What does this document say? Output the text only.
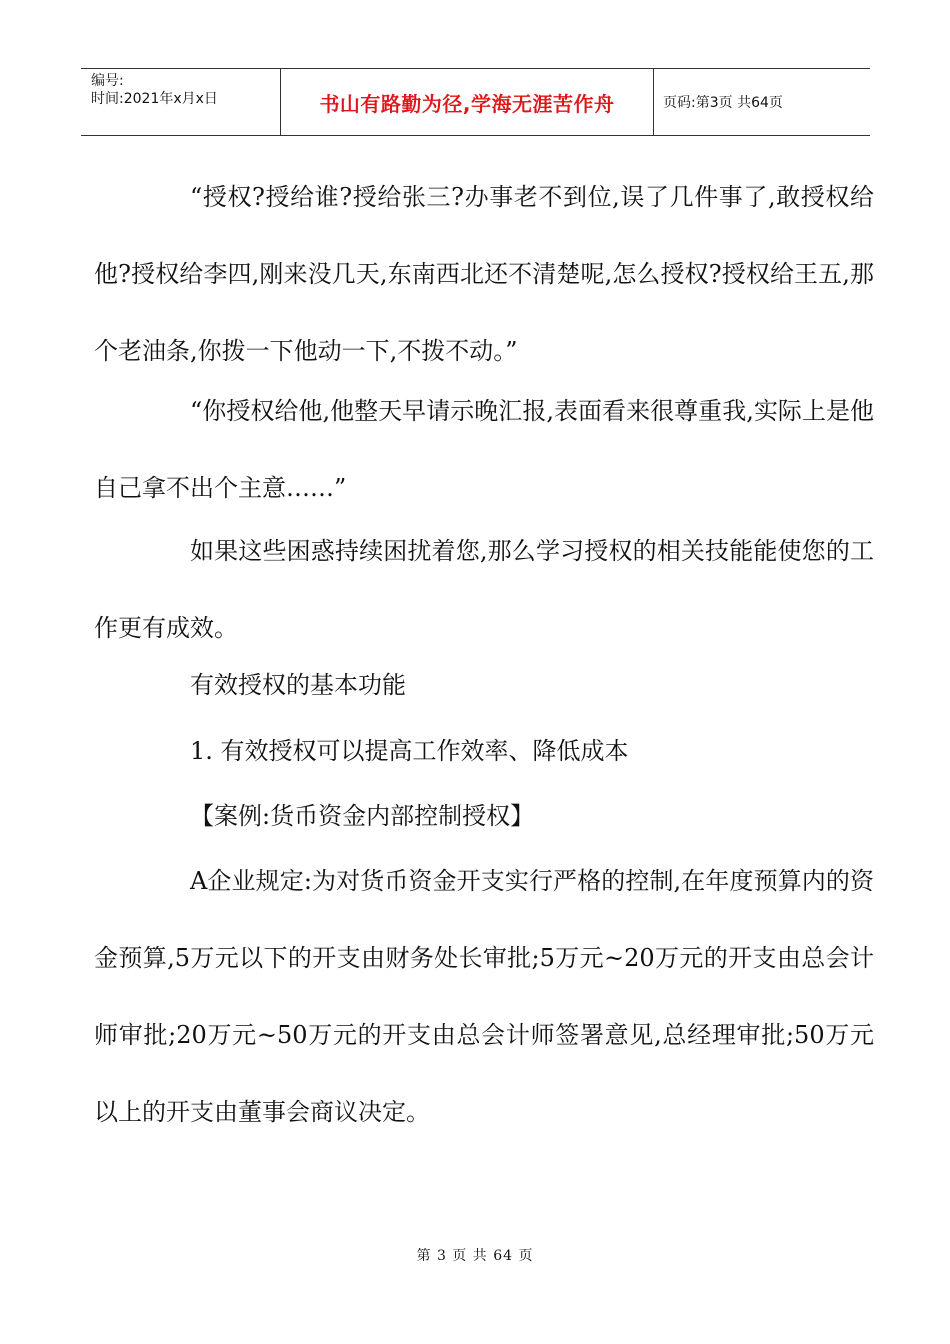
编号:
时间:2021年x月x日	书山有路勤为径,学海无涯苦作舟	页码:第3页 共64页

“授权?授给谁?授给张三?办事老不到位,误了几件事了,敢授权给他?授权给李四,刚来没几天,东南西北还不清楚呢,怎么授权?授权给王五,那个老油条,你拨一下他动一下,不拨不动。”

“你授权给他,他整天早请示晚汇报,表面看来很尊重我,实际上是他自己拿不出个主意……”

如果这些困惑持续困扰着您,那么学习授权的相关技能能使您的工作更有成效。

有效授权的基本功能

1. 有效授权可以提高工作效率、降低成本

【案例:货币资金内部控制授权】

A企业规定:为对货币资金开支实行严格的控制,在年度预算内的资金预算,5万元以下的开支由财务处长审批;5万元~20万元的开支由总会计师审批;20万元~50万元的开支由总会计师签署意见,总经理审批;50万元以上的开支由董事会商议决定。

第 3 页 共 64 页
